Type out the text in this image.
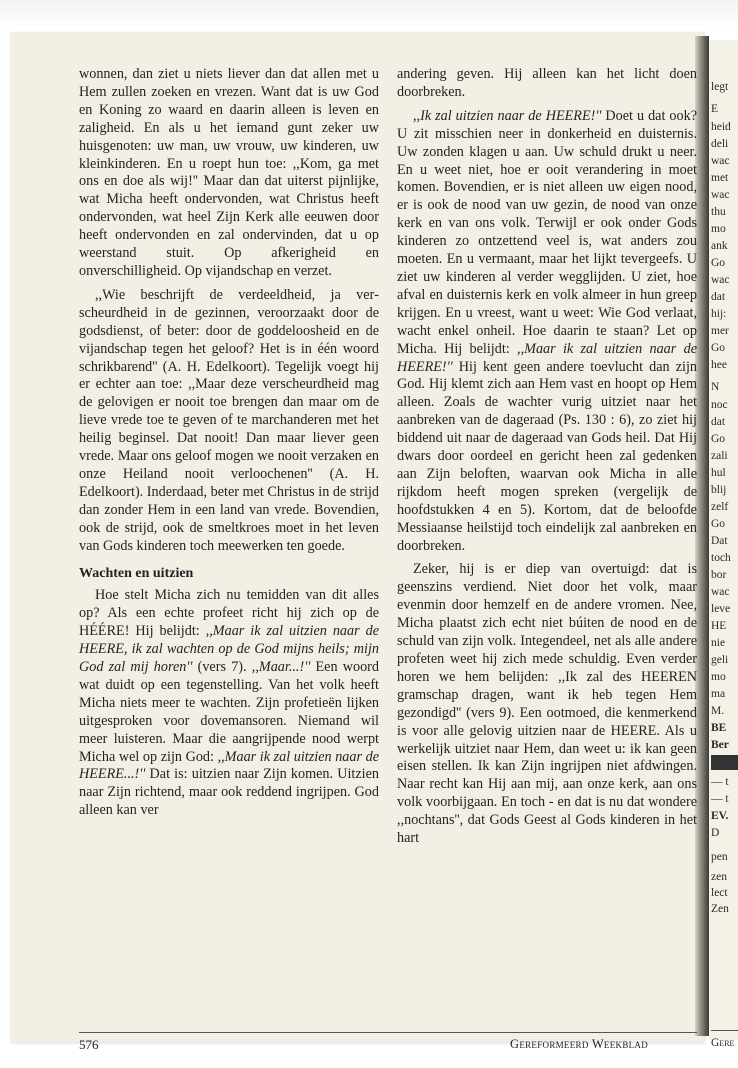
wonnen, dan ziet u niets liever dan dat allen met u Hem zullen zoeken en vrezen. Want dat is uw God en Koning zo waard en daarin alleen is leven en zaligheid. En als u het iemand gunt zeker uw huisgenoten: uw man, uw vrouw, uw kinderen, uw kleinkinderen. En u roept hun toe: ,,Kom, ga met ons en doe als wij!'' Maar dan dat uiterst pijnlijke, wat Micha heeft ondervonden, wat Christus heeft ondervonden, wat heel Zijn Kerk alle eeuwen door heeft ondervonden en zal ondervinden, dat u op weerstand stuit. Op afkerigheid en onverschilligheid. Op vijandschap en verzet.

,,Wie beschrijft de verdeeldheid, ja verscheurdheid in de gezinnen, veroorzaakt door de godsdienst, of beter: door de goddeloosheid en de vijandschap tegen het geloof? Het is in één woord schrikbarend'' (A. H. Edelkoort). Tegelijk voegt hij er echter aan toe: ,,Maar deze verscheurdheid mag de gelovigen er nooit toe brengen dan maar om de lieve vrede toe te geven of te marchanderen met het heilig beginsel. Dat nooit! Dan maar liever geen vrede. Maar ons geloof mogen we nooit verzaken en onze Heiland nooit verloochenen'' (A. H. Edelkoort). Inderdaad, beter met Christus in de strijd dan zonder Hem in een land van vrede. Bovendien, ook de strijd, ook de smeltkroes moet in het leven van Gods kinderen toch meewerken ten goede.

Wachten en uitzien

Hoe stelt Micha zich nu temidden van dit alles op? Als een echte profeet richt hij zich op de HÉÉRE! Hij belijdt: ,,Maar ik zal uitzien naar de HEERE, ik zal wachten op de God mijns heils; mijn God zal mij horen'' (vers 7). ,,Maar...!'' Een woord wat duidt op een tegenstelling. Van het volk heeft Micha niets meer te wachten. Zijn profetieën lijken uitgesproken voor dovemansoren. Niemand wil meer luisteren. Maar die aangrijpende nood werpt Micha wel op zijn God: ,,Maar ik zal uitzien naar de HEERE...!'' Dat is: uitzien naar Zijn komen. Uitzien naar Zijn richtend, maar ook reddend ingrijpen. God alleen kan ver

andering geven. Hij alleen kan het licht doen doorbreken.

,,Ik zal uitzien naar de HEERE!'' Doet u dat ook? U zit misschien neer in donkerheid en duisternis. Uw zonden klagen u aan. Uw schuld drukt u neer. En u weet niet, hoe er ooit verandering in moet komen. Bovendien, er is niet alleen uw eigen nood, er is ook de nood van uw gezin, de nood van onze kerk en van ons volk. Terwijl er ook onder Gods kinderen zo ontzettend veel is, wat anders zou moeten. En u vermaant, maar het lijkt tevergeefs. U ziet uw kinderen al verder wegglijden. U ziet, hoe afval en duisternis kerk en volk almeer in hun greep krijgen. En u vreest, want u weet: Wie God verlaat, wacht enkel onheil. Hoe daarin te staan? Let op Micha. Hij belijdt: ,,Maar ik zal uitzien naar de HEERE!'' Hij kent geen andere toevlucht dan zijn God. Hij klemt zich aan Hem vast en hoopt op Hem alleen. Zoals de wachter vurig uitziet naar het aanbreken van de dageraad (Ps. 130 : 6), zo ziet hij biddend uit naar de dageraad van Gods heil. Dat Hij dwars door oordeel en gericht heen zal gedenken aan Zijn beloften, waarvan ook Micha in alle rijkdom heeft mogen spreken (vergelijk de hoofdstukken 4 en 5). Kortom, dat de beloofde Messiaanse heilstijd toch eindelijk zal aanbreken en doorbreken.

Zeker, hij is er diep van overtuigd: dat is geenszins verdiend. Niet door het volk, maar evenmin door hemzelf en de andere vromen. Nee, Micha plaatst zich echt niet búiten de nood en de schuld van zijn volk. Integendeel, net als alle andere profeten weet hij zich mede schuldig. Even verder horen we hem belijden: ,,Ik zal des HEEREN gramschap dragen, want ik heb tegen Hem gezondigd'' (vers 9). Een ootmoed, die kenmerkend is voor alle gelovig uitzien naar de HEERE. Als u werkelijk uitziet naar Hem, dan weet u: ik kan geen eisen stellen. Ik kan Zijn ingrijpen niet afdwingen. Naar recht kan Hij aan mij, aan onze kerk, aan ons volk voorbijgaan. En toch - en dat is nu dat wondere ,,nochtans'', dat Gods Geest al Gods kinderen in het hart

576	Gereformeerd Weekblad
legt
E
heid
deli
wac
met
wac
thu
mo
ank
Go
wac
dat
hij:
mer
Go
hee
N
noc
dat
Go
zali
hul
blij
zelf
Go
Dat
toch
bor
wac
leve
HE
nie
geli
mo
ma
M.
BE
Ber
— t
— t
EV.
D
pen
zen
lect
Zen
Gere
